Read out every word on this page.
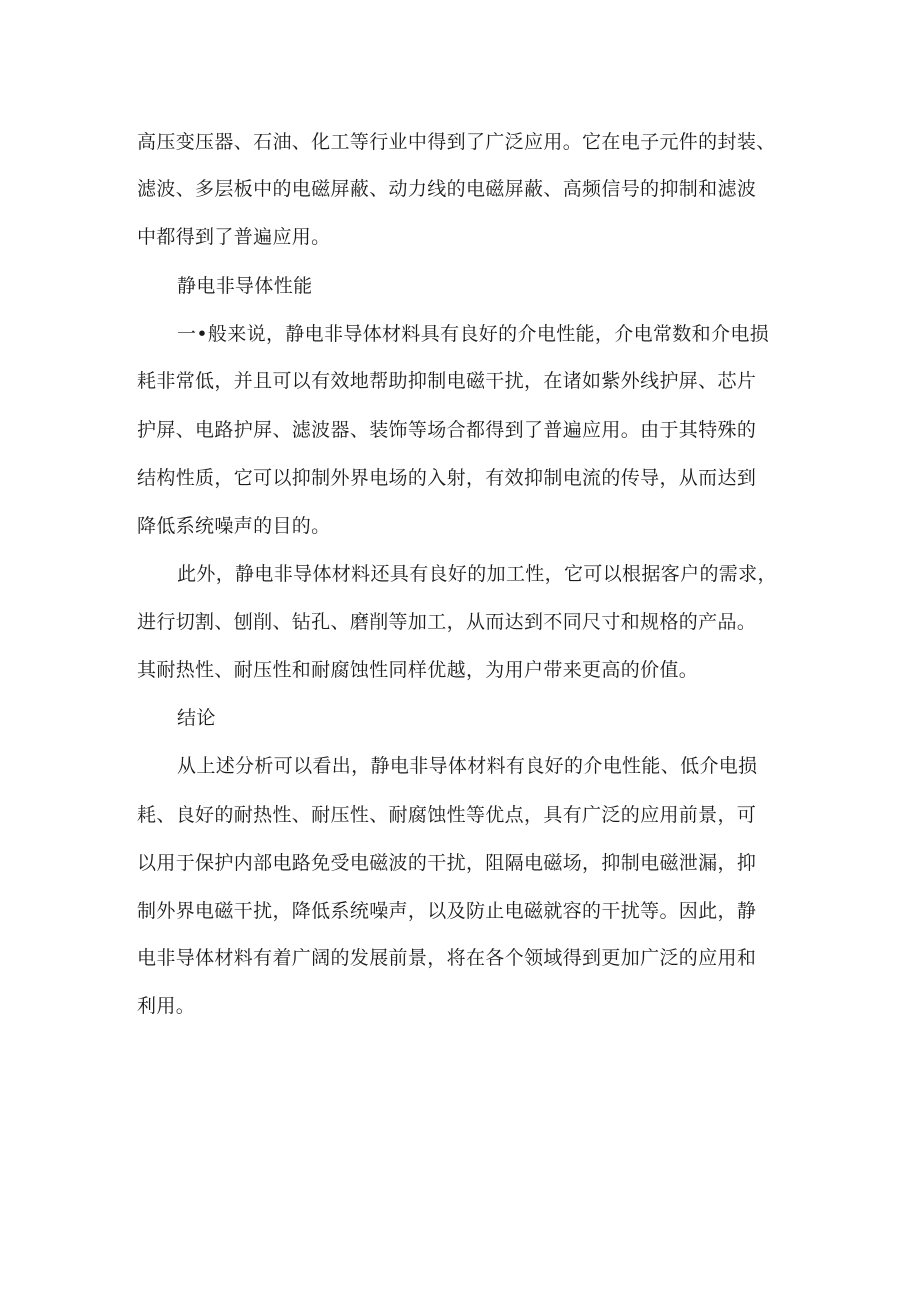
高压变压器、石油、化工等行业中得到了广泛应用。它在电子元件的封装、
滤波、多层板中的电磁屏蔽、动力线的电磁屏蔽、高频信号的抑制和滤波
中都得到了普遍应用。
静电非导体性能
一•般来说，静电非导体材料具有良好的介电性能，介电常数和介电损
耗非常低，并且可以有效地帮助抑制电磁干扰，在诸如紫外线护屏、芯片
护屏、电路护屏、滤波器、装饰等场合都得到了普遍应用。由于其特殊的
结构性质，它可以抑制外界电场的入射，有效抑制电流的传导，从而达到
降低系统噪声的目的。
此外，静电非导体材料还具有良好的加工性，它可以根据客户的需求，
进行切割、刨削、钻孔、磨削等加工，从而达到不同尺寸和规格的产品。
其耐热性、耐压性和耐腐蚀性同样优越，为用户带来更高的价值。
结论
从上述分析可以看出，静电非导体材料有良好的介电性能、低介电损
耗、良好的耐热性、耐压性、耐腐蚀性等优点，具有广泛的应用前景，可
以用于保护内部电路免受电磁波的干扰，阻隔电磁场，抑制电磁泄漏，抑
制外界电磁干扰，降低系统噪声，以及防止电磁就容的干扰等。因此，静
电非导体材料有着广阔的发展前景，将在各个领域得到更加广泛的应用和
利用。
